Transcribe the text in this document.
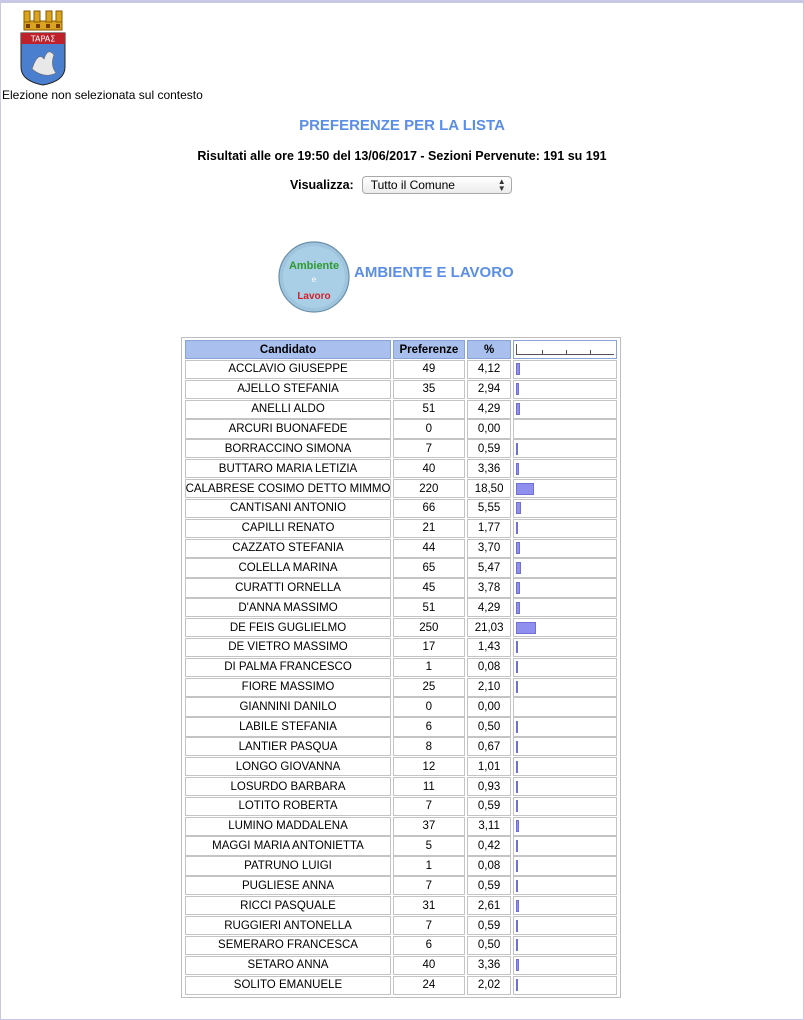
TAPAΣ
Elezione non selezionata sul contesto
PREFERENZE PER LA LISTA
Risultati alle ore 19:50 del 13/06/2017 - Sezioni Pervenute: 191 su 191
Visualizza: Tutto il Comune	▲
▼
Ambiente
e
Lavoro
AMBIENTE E LAVORO
Candidato	Preferenze	%
ACCLAVIO GIUSEPPE	49	4,12
AJELLO STEFANIA	35	2,94
ANELLI ALDO	51	4,29
ARCURI BUONAFEDE	0	0,00
BORRACCINO SIMONA	7	0,59
BUTTARO MARIA LETIZIA	40	3,36
CALABRESE COSIMO DETTO MIMMO	220	18,50
CANTISANI ANTONIO	66	5,55
CAPILLI RENATO	21	1,77
CAZZATO STEFANIA	44	3,70
COLELLA MARINA	65	5,47
CURATTI ORNELLA	45	3,78
D'ANNA MASSIMO	51	4,29
DE FEIS GUGLIELMO	250	21,03
DE VIETRO MASSIMO	17	1,43
DI PALMA FRANCESCO	1	0,08
FIORE MASSIMO	25	2,10
GIANNINI DANILO	0	0,00
LABILE STEFANIA	6	0,50
LANTIER PASQUA	8	0,67
LONGO GIOVANNA	12	1,01
LOSURDO BARBARA	11	0,93
LOTITO ROBERTA	7	0,59
LUMINO MADDALENA	37	3,11
MAGGI MARIA ANTONIETTA	5	0,42
PATRUNO LUIGI	1	0,08
PUGLIESE ANNA	7	0,59
RICCI PASQUALE	31	2,61
RUGGIERI ANTONELLA	7	0,59
SEMERARO FRANCESCA	6	0,50
SETARO ANNA	40	3,36
SOLITO EMANUELE	24	2,02
